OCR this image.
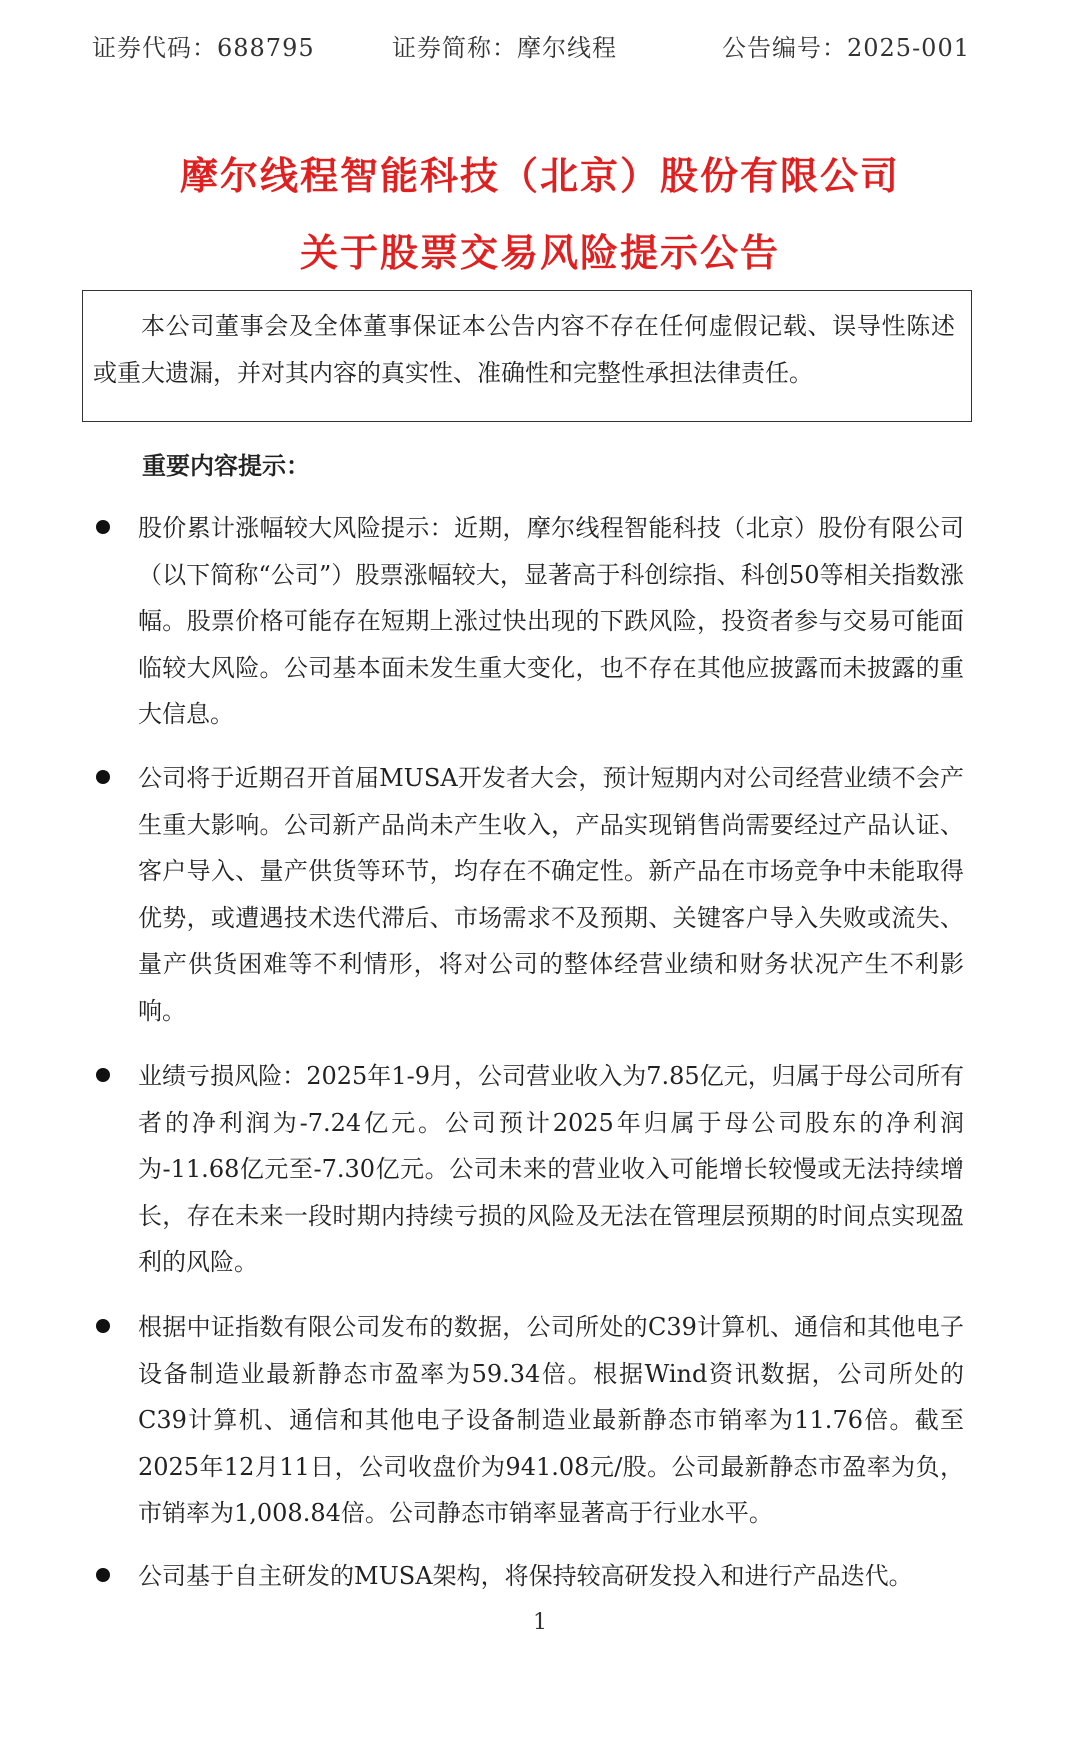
证券代码：688795	证券简称：摩尔线程	公告编号：2025-001
摩尔线程智能科技（北京）股份有限公司
关于股票交易风险提示公告
本公司董事会及全体董事保证本公告内容不存在任何虚假记载、误导性陈述或重大遗漏，并对其内容的真实性、准确性和完整性承担法律责任。
重要内容提示：
股价累计涨幅较大风险提示：近期，摩尔线程智能科技（北京）股份有限公司（以下简称“公司”）股票涨幅较大，显著高于科创综指、科创50等相关指数涨幅。股票价格可能存在短期上涨过快出现的下跌风险，投资者参与交易可能面临较大风险。公司基本面未发生重大变化，也不存在其他应披露而未披露的重大信息。
公司将于近期召开首届MUSA开发者大会，预计短期内对公司经营业绩不会产生重大影响。公司新产品尚未产生收入，产品实现销售尚需要经过产品认证、客户导入、量产供货等环节，均存在不确定性。新产品在市场竞争中未能取得优势，或遭遇技术迭代滞后、市场需求不及预期、关键客户导入失败或流失、量产供货困难等不利情形，将对公司的整体经营业绩和财务状况产生不利影响。
业绩亏损风险：2025年1-9月，公司营业收入为7.85亿元，归属于母公司所有者的净利润为-7.24亿元。公司预计2025年归属于母公司股东的净利润为-11.68亿元至-7.30亿元。公司未来的营业收入可能增长较慢或无法持续增长，存在未来一段时期内持续亏损的风险及无法在管理层预期的时间点实现盈利的风险。
根据中证指数有限公司发布的数据，公司所处的C39计算机、通信和其他电子设备制造业最新静态市盈率为59.34倍。根据Wind资讯数据，公司所处的C39计算机、通信和其他电子设备制造业最新静态市销率为11.76倍。截至2025年12月11日，公司收盘价为941.08元/股。公司最新静态市盈率为负，市销率为1,008.84倍。公司静态市销率显著高于行业水平。
公司基于自主研发的MUSA架构，将保持较高研发投入和进行产品迭代。
1
